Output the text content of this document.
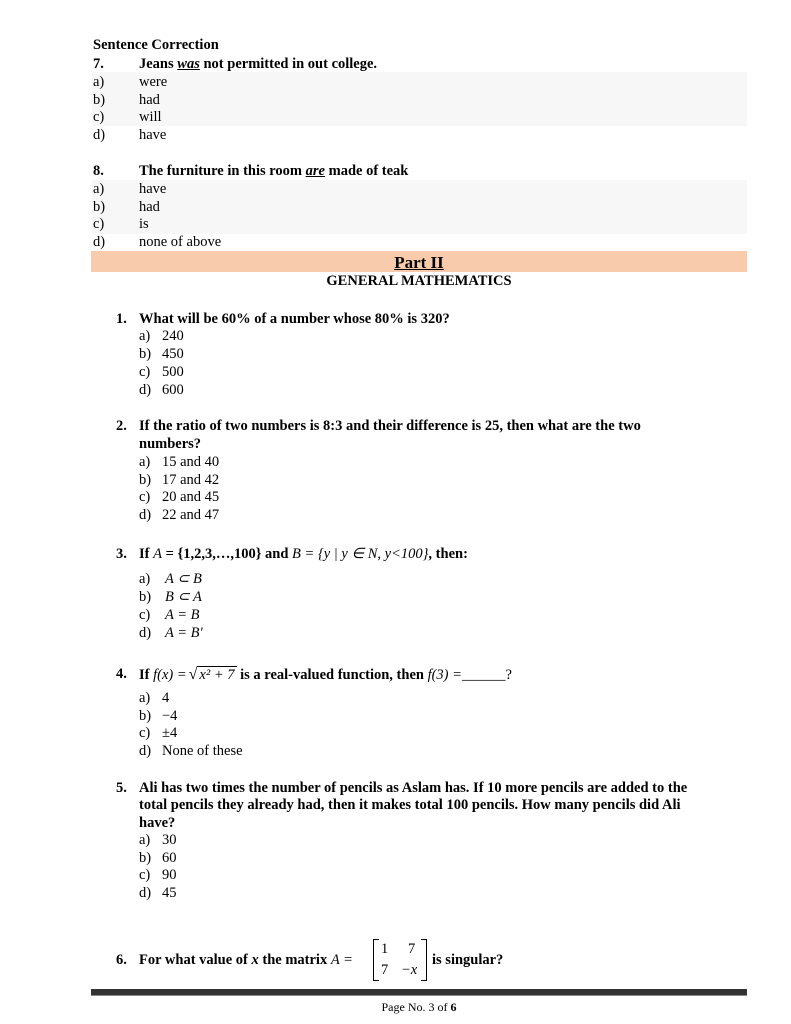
Sentence Correction
7. Jeans was not permitted in out college.
a) were
b) had
c) will
d) have
8. The furniture in this room are made of teak
a) have
b) had
c) is
d) none of above
Part II
GENERAL MATHEMATICS
1. What will be 60% of a number whose 80% is 320?
a) 240
b) 450
c) 500
d) 600
2. If the ratio of two numbers is 8:3 and their difference is 25, then what are the two
numbers?
a) 15 and 40
b) 17 and 42
c) 20 and 45
d) 22 and 47
3. If A = {1,2,3,…,100} and B = {y | y ∈ N, y<100}, then:
a) A ⊂ B
b) B ⊂ A
c) A = B
d) A = B'
4. If f(x) = √ x² + 7 is a real-valued function, then f(3) =______?
a) 4
b) −4
c) ±4
d) None of these
5. Ali has two times the number of pencils as Aslam has. If 10 more pencils are added to the
total pencils they already had, then it makes total 100 pencils. How many pencils did Ali
have?
a) 30
b) 60
c) 90
d) 45
6. For what value of x the matrix A =
1 7
7 −x
is singular?
Page No. 3 of 6
